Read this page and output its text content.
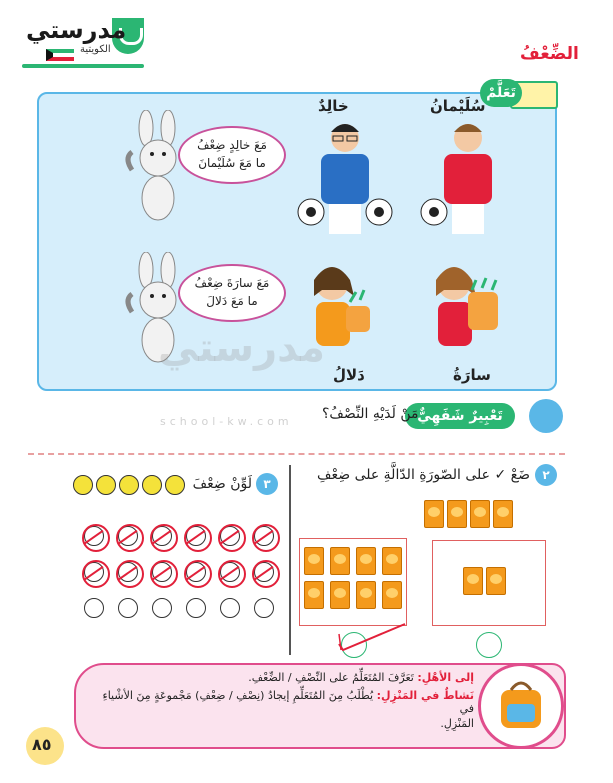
مدرستي
الكويتية	الضِّعْفُ
تَعَلَّمْ
خالِدٌ	سُلَيْمانُ
مَعَ خالِدٍ ضِعْفُ
ما مَعَ سُلَيْمانَ
مَعَ سارَةَ ضِعْفُ
ما مَعَ دَلالَ
دَلالُ	سارَةُ
مدرستي
school-kw.com	تَعْبِيرٌ شَفَهِيٌّ
مَنْ لَدَيْهِ النِّصْفُ؟
٢
ضَعْ ✓ على الصّورَةِ الدّالَّةِ على ضِعْفِ
٣
لَوِّنْ ضِعْفَ
إلى الأهْلِ: تَعَرَّفَ المُتَعَلِّمُ على النِّصْفِ / الضِّعْفِ.
نَشاطٌ في المَنْزِلِ: يُطْلَبُ مِنَ المُتَعَلِّمِ إيجادُ (نِصْفِ / ضِعْفِ) مَجْموعَةٍ مِنَ الأشْياءِ في
المَنْزِلِ.
٨٥
